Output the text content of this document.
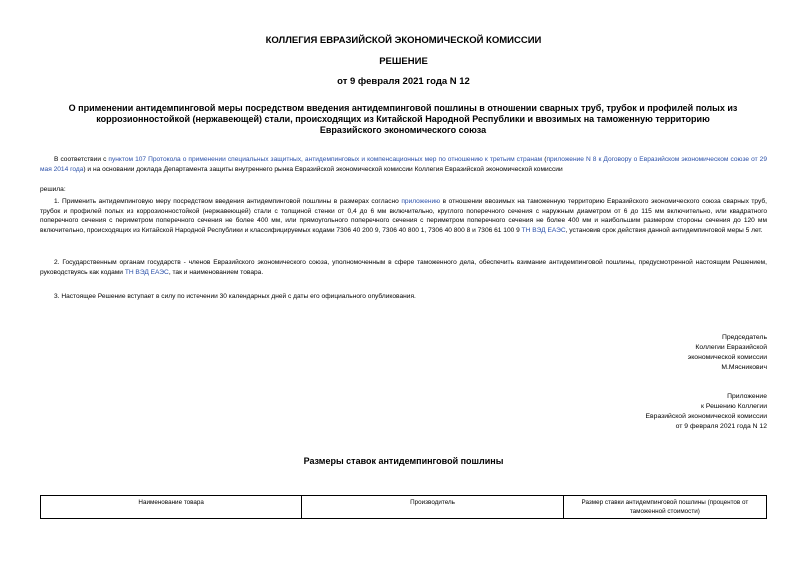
КОЛЛЕГИЯ ЕВРАЗИЙСКОЙ ЭКОНОМИЧЕСКОЙ КОМИССИИ
РЕШЕНИЕ
от 9 февраля 2021 года N 12
О применении антидемпинговой меры посредством введения антидемпинговой пошлины в отношении сварных труб, трубок и профилей полых из коррозионностойкой (нержавеющей) стали, происходящих из Китайской Народной Республики и ввозимых на таможенную территорию Евразийского экономического союза
В соответствии с пунктом 107 Протокола о применении специальных защитных, антидемпинговых и компенсационных мер по отношению к третьим странам (приложение N 8 к Договору о Евразийском экономическом союзе от 29 мая 2014 года) и на основании доклада Департамента защиты внутреннего рынка Евразийской экономической комиссии Коллегия Евразийской экономической комиссии
решила:
1. Применить антидемпинговую меру посредством введения антидемпинговой пошлины в размерах согласно приложению в отношении ввозимых на таможенную территорию Евразийского экономического союза сварных труб, трубок и профилей полых из коррозионностойкой (нержавеющей) стали с толщиной стенки от 0,4 до 6 мм включительно, круглого поперечного сечения с наружным диаметром от 6 до 115 мм включительно, или квадратного поперечного сечения с периметром поперечного сечения не более 400 мм, или прямоугольного поперечного сечения с периметром поперечного сечения не более 400 мм и наибольшим размером стороны сечения до 120 мм включительно, происходящих из Китайской Народной Республики и классифицируемых кодами 7306 40 200 9, 7306 40 800 1, 7306 40 800 8 и 7306 61 100 9 ТН ВЭД ЕАЭС, установив срок действия данной антидемпинговой меры 5 лет.
2. Государственным органам государств - членов Евразийского экономического союза, уполномоченным в сфере таможенного дела, обеспечить взимание антидемпинговой пошлины, предусмотренной настоящим Решением, руководствуясь как кодами ТН ВЭД ЕАЭС, так и наименованием товара.
3. Настоящее Решение вступает в силу по истечении 30 календарных дней с даты его официального опубликования.
Председатель
Коллегии Евразийской
экономической комиссии
М.Мясникович
Приложение
к Решению Коллегии
Евразийской экономической комиссии
от 9 февраля 2021 года N 12
Размеры ставок антидемпинговой пошлины
Наименование товара	Производитель	Размер ставки антидемпинговой пошлины (процентов от таможенной стоимости)
